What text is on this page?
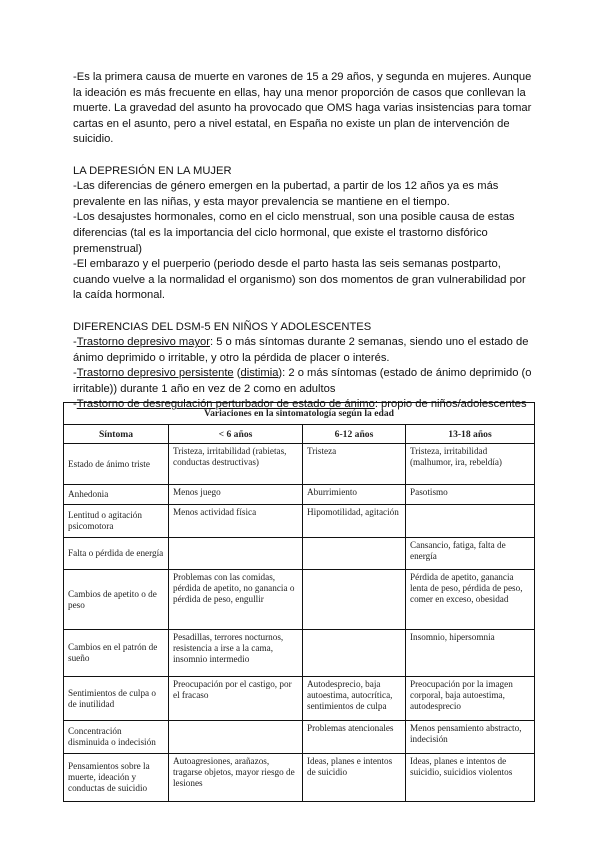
-Es la primera causa de muerte en varones de 15 a 29 años, y segunda en mujeres. Aunque la ideación es más frecuente en ellas, hay una menor proporción de casos que conllevan la muerte. La gravedad del asunto ha provocado que OMS haga varias insistencias para tomar cartas en el asunto, pero a nivel estatal, en España no existe un plan de intervención de suicidio.

LA DEPRESIÓN EN LA MUJER

-Las diferencias de género emergen en la pubertad, a partir de los 12 años ya es más prevalente en las niñas, y esta mayor prevalencia se mantiene en el tiempo.

-Los desajustes hormonales, como en el ciclo menstrual, son una posible causa de estas diferencias (tal es la importancia del ciclo hormonal, que existe el trastorno disfórico premenstrual)

-El embarazo y el puerperio (periodo desde el parto hasta las seis semanas postparto, cuando vuelve a la normalidad el organismo) son dos momentos de gran vulnerabilidad por la caída hormonal.

DIFERENCIAS DEL DSM-5 EN NIÑOS Y ADOLESCENTES

-Trastorno depresivo mayor: 5 o más síntomas durante 2 semanas, siendo uno el estado de ánimo deprimido o irritable, y otro la pérdida de placer o interés.

-Trastorno depresivo persistente (distimia): 2 o más síntomas (estado de ánimo deprimido (o irritable)) durante 1 año en vez de 2 como en adultos

-Trastorno de desregulación perturbador de estado de ánimo: propio de niños/adolescentes

Variaciones en la sintomatología según la edad			
Síntoma	< 6 años	6-12 años	13-18 años
Estado de ánimo triste	Tristeza, irritabilidad (rabietas, conductas destructivas)	Tristeza	Tristeza, irritabilidad (malhumor, ira, rebeldía)
Anhedonia	Menos juego	Aburrimiento	Pasotismo
Lentitud o agitación psicomotora	Menos actividad física	Hipomotilidad, agitación	
Falta o pérdida de energía			Cansancio, fatiga, falta de energía
Cambios de apetito o de peso	Problemas con las comidas, pérdida de apetito, no ganancia o pérdida de peso, engullir		Pérdida de apetito, ganancia lenta de peso, pérdida de peso, comer en exceso, obesidad
Cambios en el patrón de sueño	Pesadillas, terrores nocturnos, resistencia a irse a la cama, insomnio intermedio		Insomnio, hipersomnia
Sentimientos de culpa o de inutilidad	Preocupación por el castigo, por el fracaso	Autodesprecio, baja autoestima, autocrítica, sentimientos de culpa	Preocupación por la imagen corporal, baja autoestima, autodesprecio
Concentración disminuida o indecisión		Problemas atencionales	Menos pensamiento abstracto, indecisión
Pensamientos sobre la muerte, ideación y conductas de suicidio	Autoagresiones, arañazos, tragarse objetos, mayor riesgo de lesiones	Ideas, planes e intentos de suicidio	Ideas, planes e intentos de suicidio, suicidios violentos
